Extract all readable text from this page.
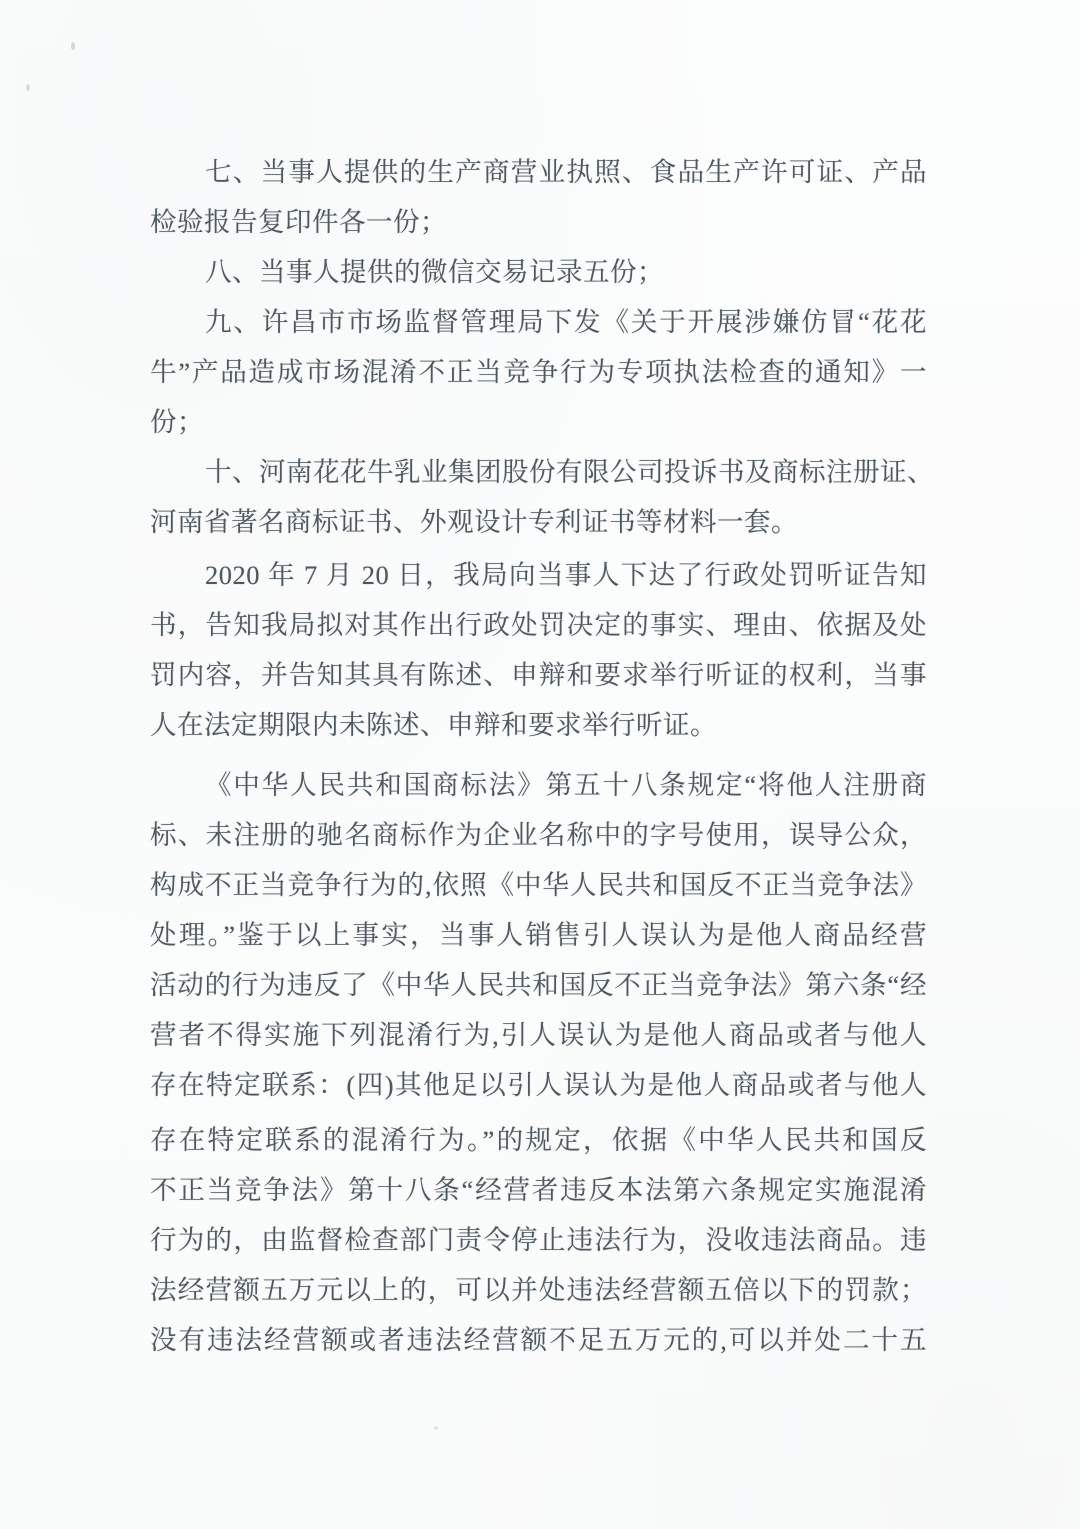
七、当事人提供的生产商营业执照、食品生产许可证、产品
检验报告复印件各一份；
八、当事人提供的微信交易记录五份；
九、许昌市市场监督管理局下发《关于开展涉嫌仿冒“花花
牛”产品造成市场混淆不正当竞争行为专项执法检查的通知》一
份；
十、河南花花牛乳业集团股份有限公司投诉书及商标注册证、
河南省著名商标证书、外观设计专利证书等材料一套。
2020 年 7 月 20 日，我局向当事人下达了行政处罚听证告知
书，告知我局拟对其作出行政处罚决定的事实、理由、依据及处
罚内容，并告知其具有陈述、申辩和要求举行听证的权利，当事
人在法定期限内未陈述、申辩和要求举行听证。
《中华人民共和国商标法》第五十八条规定“将他人注册商
标、未注册的驰名商标作为企业名称中的字号使用，误导公众，
构成不正当竞争行为的,依照《中华人民共和国反不正当竞争法》
处理。”鉴于以上事实，当事人销售引人误认为是他人商品经营
活动的行为违反了《中华人民共和国反不正当竞争法》第六条“经
营者不得实施下列混淆行为,引人误认为是他人商品或者与他人
存在特定联系：(四)其他足以引人误认为是他人商品或者与他人
存在特定联系的混淆行为。”的规定，依据《中华人民共和国反
不正当竞争法》第十八条“经营者违反本法第六条规定实施混淆
行为的，由监督检查部门责令停止违法行为，没收违法商品。违
法经营额五万元以上的，可以并处违法经营额五倍以下的罚款；
没有违法经营额或者违法经营额不足五万元的,可以并处二十五
